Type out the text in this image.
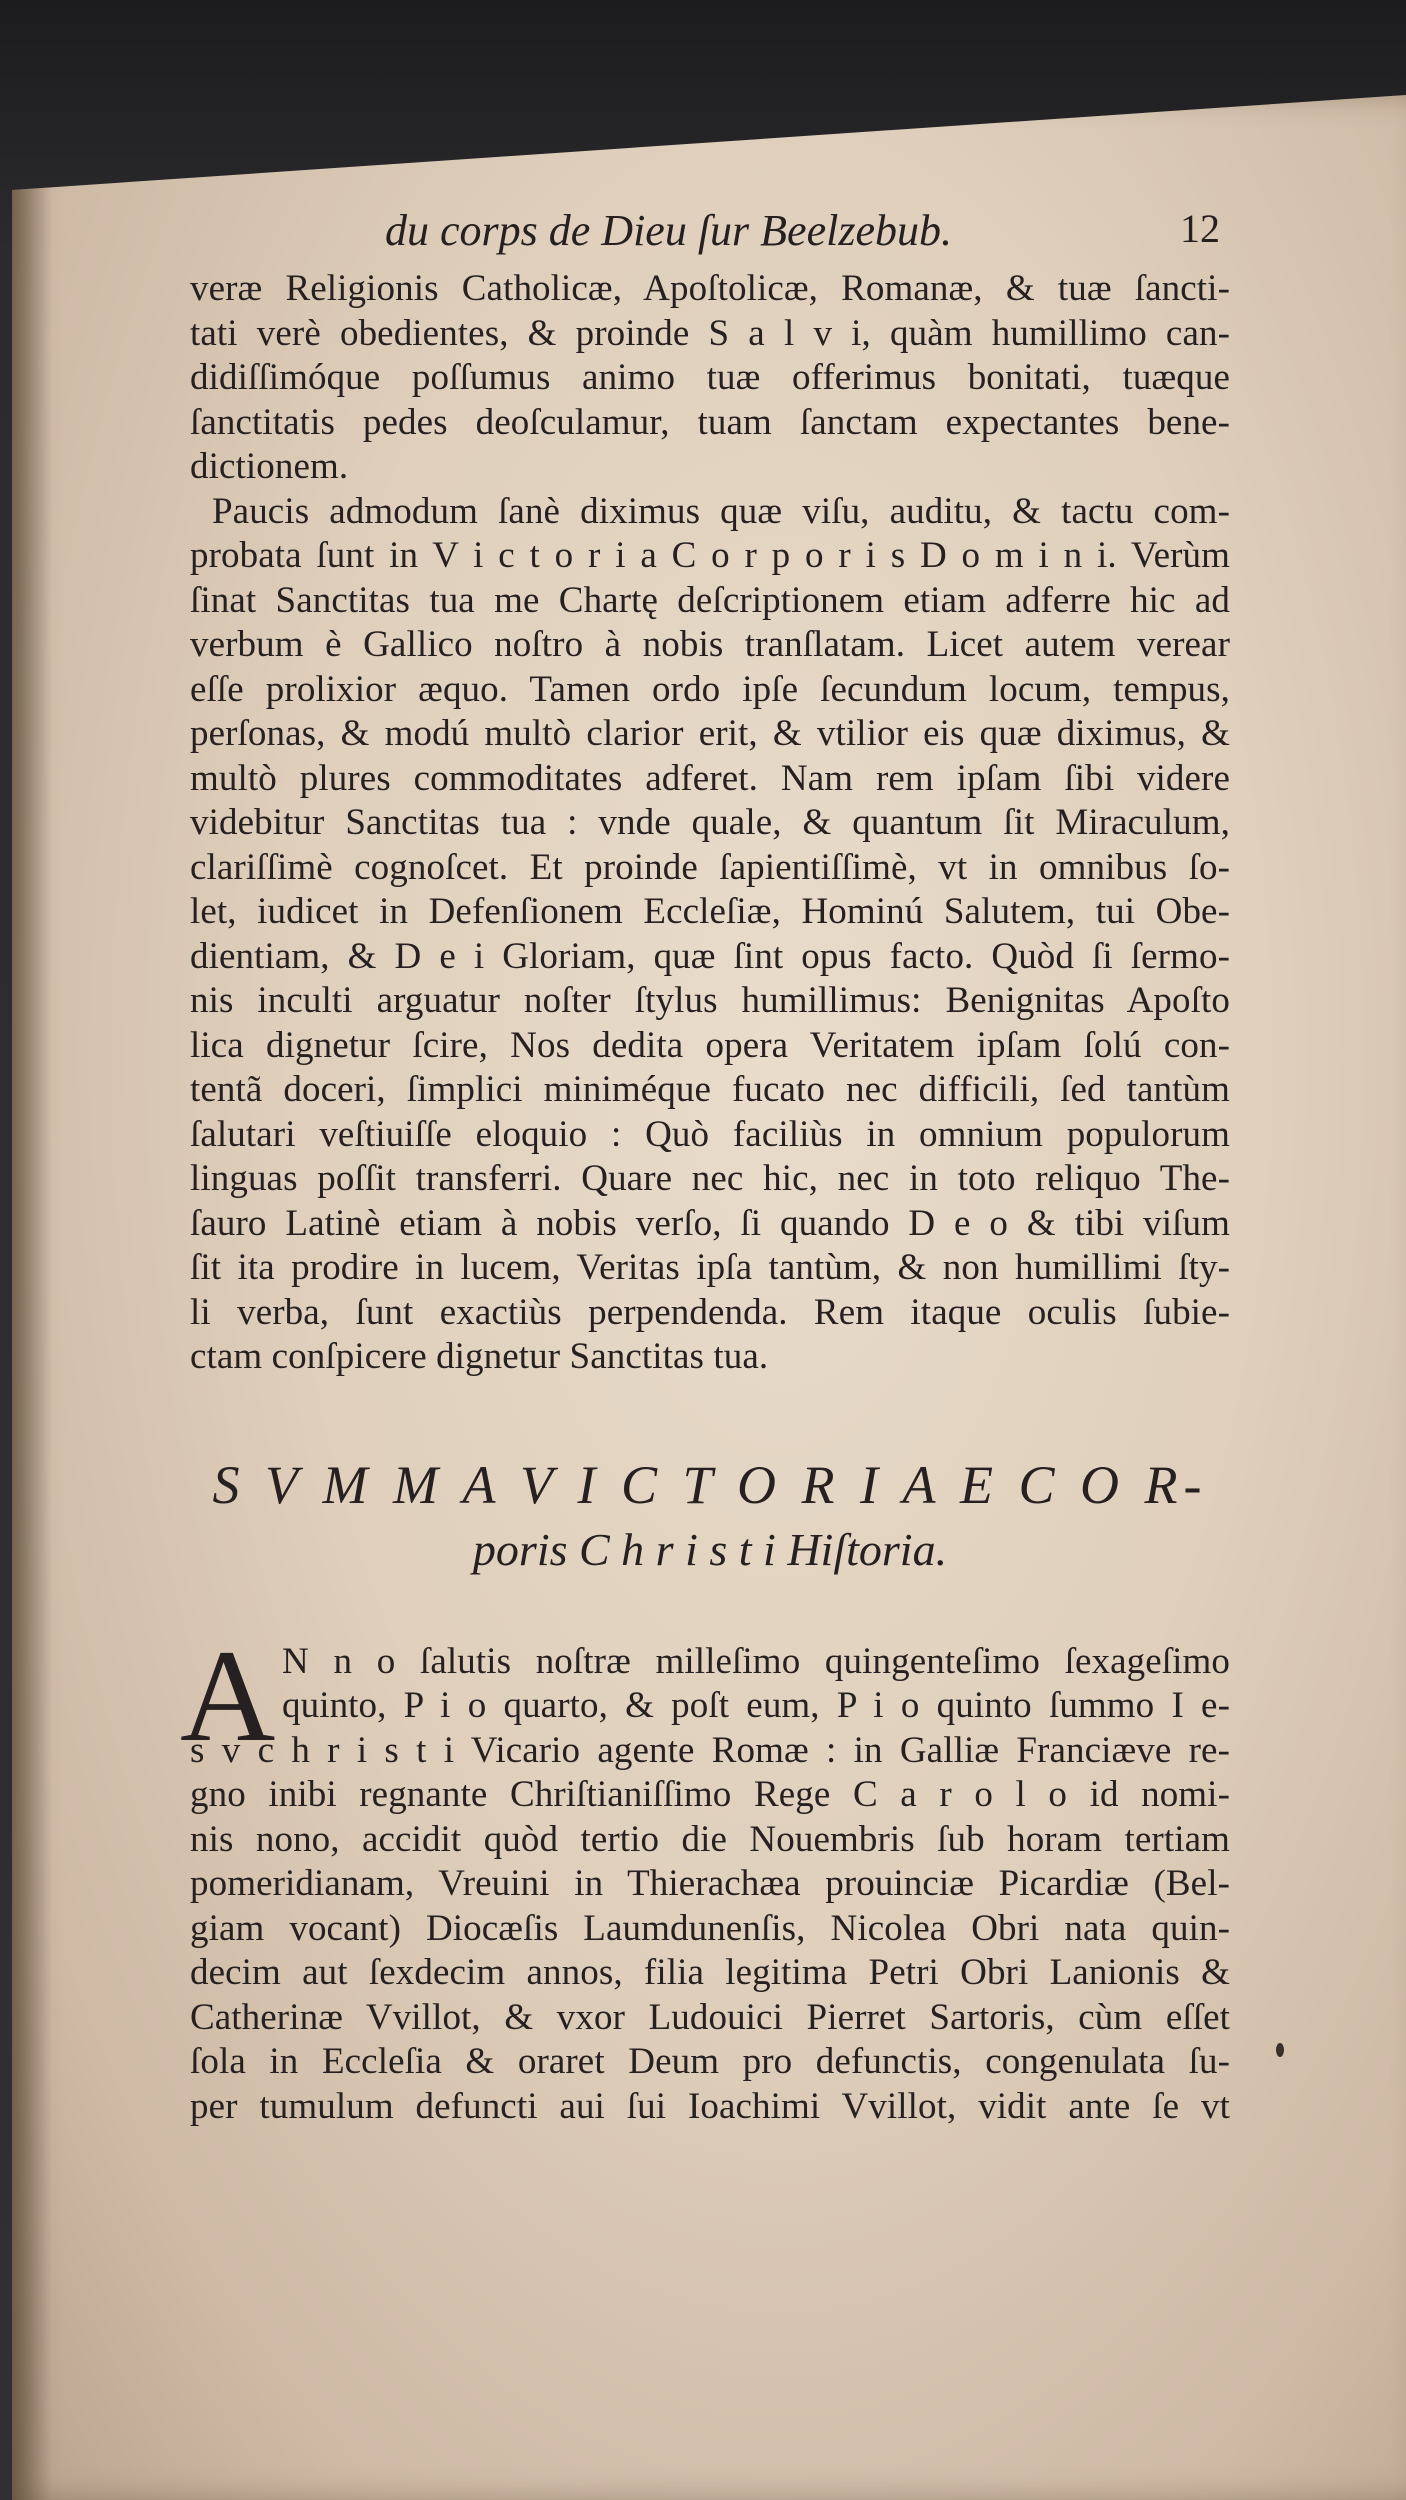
du corps de Dieu ſur Beelzebub.	12
veræ Religionis Catholicæ, Apoſtolicæ, Romanæ, & tuæ ſancti-
tati verè obedientes, & proinde S a l v i, quàm humillimo can-
didiſſimóque poſſumus animo tuæ offerimus bonitati, tuæque
ſanctitatis pedes deoſculamur, tuam ſanctam expectantes bene-
dictionem.
Paucis admodum ſanè diximus quæ viſu, auditu, & tactu com-
probata ſunt in V i c t o r i a C o r p o r i s D o m i n i. Verùm
ſinat Sanctitas tua me Chartę deſcriptionem etiam adferre hic ad
verbum è Gallico noſtro à nobis tranſlatam. Licet autem verear
eſſe prolixior æquo. Tamen ordo ipſe ſecundum locum, tempus,
perſonas, & modú multò clarior erit, & vtilior eis quæ diximus, &
multò plures commoditates adferet. Nam rem ipſam ſibi videre
videbitur Sanctitas tua : vnde quale, & quantum ſit Miraculum,
clariſſimè cognoſcet. Et proinde ſapientiſſimè, vt in omnibus ſo-
let, iudicet in Defenſionem Eccleſiæ, Hominú Salutem, tui Obe-
dientiam, & D e i Gloriam, quæ ſint opus facto. Quòd ſi ſermo-
nis inculti arguatur noſter ſtylus humillimus: Benignitas Apoſto
lica dignetur ſcire, Nos dedita opera Veritatem ipſam ſolú con-
tentã doceri, ſimplici miniméque fucato nec difficili, ſed tantùm
ſalutari veſtiuiſſe eloquio : Quò faciliùs in omnium populorum
linguas poſſit transferri. Quare nec hic, nec in toto reliquo The-
ſauro Latinè etiam à nobis verſo, ſi quando D e o & tibi viſum
ſit ita prodire in lucem, Veritas ipſa tantùm, & non humillimi ſty-
li verba, ſunt exactiùs perpendenda. Rem itaque oculis ſubie-
ctam conſpicere dignetur Sanctitas tua.
S V M M A V I C T O R I A E C O R-
poris C h r i s t i Hiſtoria.
A N n o ſalutis noſtræ milleſimo quingenteſimo ſexageſimo
quinto, P i o quarto, & poſt eum, P i o quinto ſummo I e-
s v c h r i s t i Vicario agente Romæ : in Galliæ Franciæve re-
gno inibi regnante Chriſtianiſſimo Rege C a r o l o id nomi-
nis nono, accidit quòd tertio die Nouembris ſub horam tertiam
pomeridianam, Vreuini in Thierachæa prouinciæ Picardiæ (Bel-
giam vocant) Diocæſis Laumdunenſis, Nicolea Obri nata quin-
decim aut ſexdecim annos, filia legitima Petri Obri Lanionis &
Catherinæ Vvillot, & vxor Ludouici Pierret Sartoris, cùm eſſet
ſola in Eccleſia & oraret Deum pro defunctis, congenulata ſu-
per tumulum defuncti aui ſui Ioachimi Vvillot, vidit ante ſe vt
